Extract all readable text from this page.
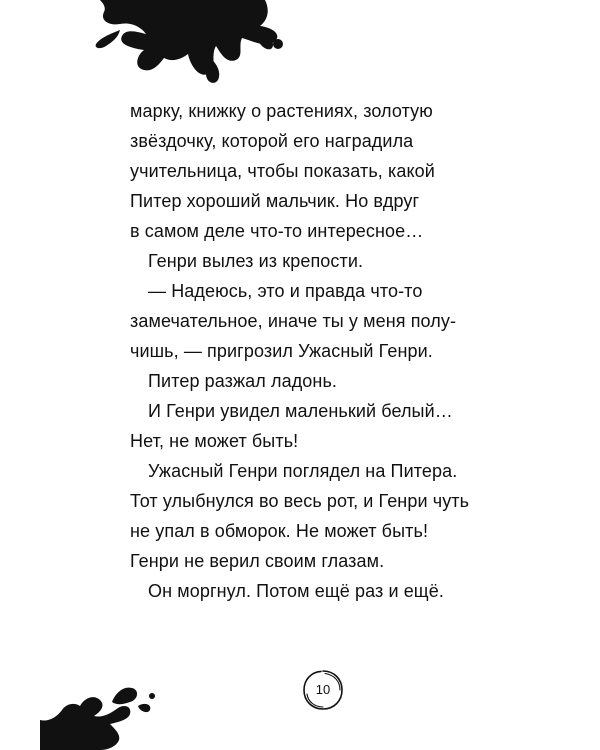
марку, книжку о растениях, золотую
звёздочку, которой его наградила
учительница, чтобы показать, какой
Питер хороший мальчик. Но вдруг
в самом деле что-то интересное…
Генри вылез из крепости.
— Надеюсь, это и правда что-то
замечательное, иначе ты у меня полу-
чишь, — пригрозил Ужасный Генри.
Питер разжал ладонь.
И Генри увидел маленький белый…
Нет, не может быть!
Ужасный Генри поглядел на Питера.
Тот улыбнулся во весь рот, и Генри чуть
не упал в обморок. Не может быть!
Генри не верил своим глазам.
Он моргнул. Потом ещё раз и ещё.
10
